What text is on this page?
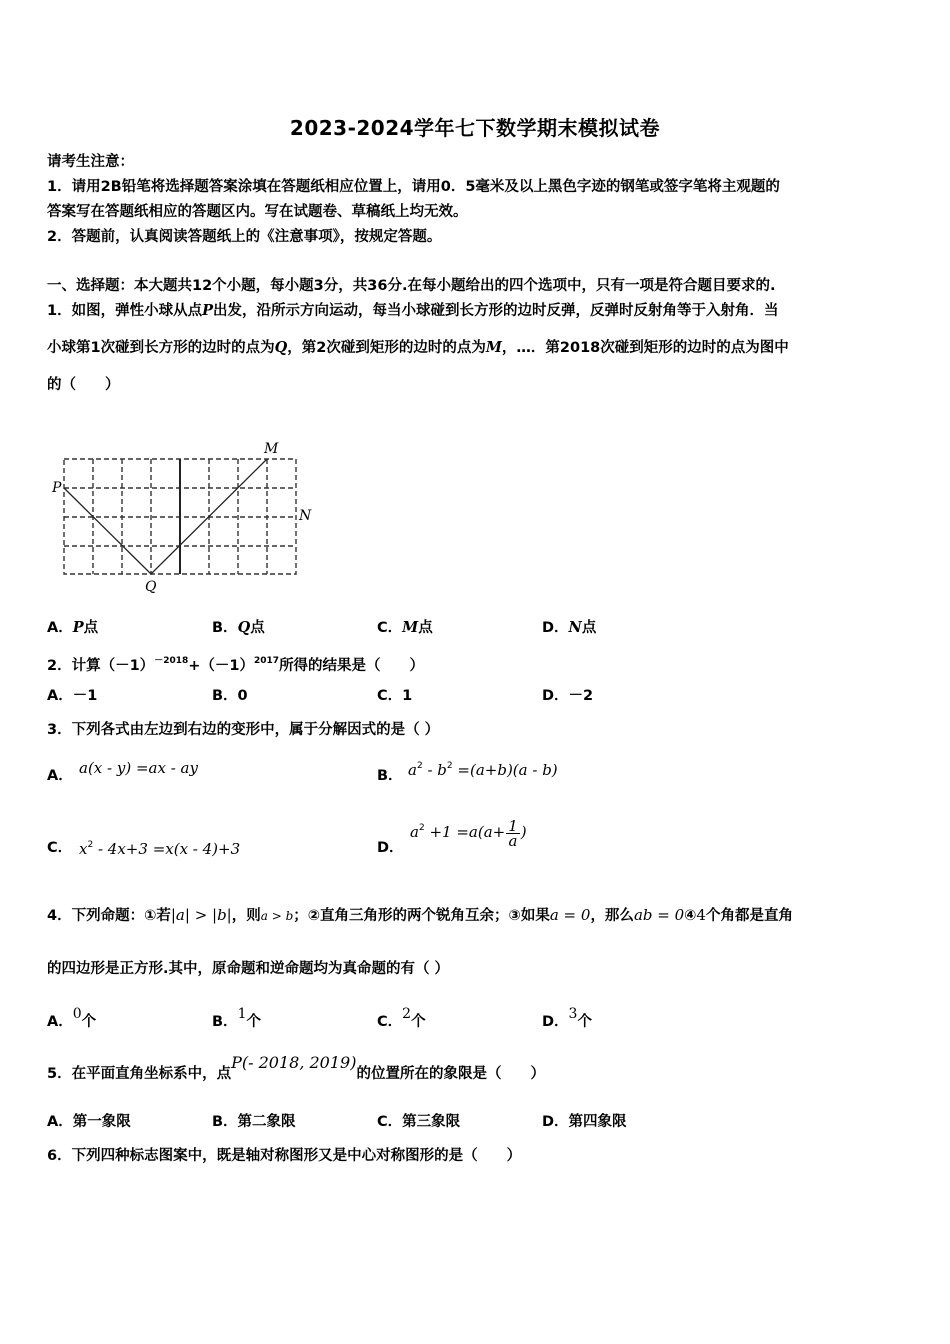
2023-2024学年七下数学期末模拟试卷
请考生注意：
1．请用2B铅笔将选择题答案涂填在答题纸相应位置上，请用0．5毫米及以上黑色字迹的钢笔或签字笔将主观题的
答案写在答题纸相应的答题区内。写在试题卷、草稿纸上均无效。
2．答题前，认真阅读答题纸上的《注意事项》，按规定答题。
一、选择题：本大题共12个小题，每小题3分，共36分.在每小题给出的四个选项中，只有一项是符合题目要求的.
1．如图，弹性小球从点P出发，沿所示方向运动，每当小球碰到长方形的边时反弹，反弹时反射角等于入射角．当
小球第1次碰到长方形的边时的点为Q，第2次碰到矩形的边时的点为M，…．第2018次碰到矩形的边时的点为图中
的（　　）
P
Q
M
N
A．P点	B．Q点	C．M点	D．N点
2．计算$(-1)^{-2018}+(-1)^{2017}$所得的结果是（　　）
A．－1	B．0	C．1	D．－2
3．下列各式由左边到右边的变形中，属于分解因式的是（ ）
A． a(x - y) =ax - ay	B． $a^2 - b^2 =(a+b)(a - b)$
C． $x^2 - 4x+3 =x(x - 4)+3$	D．
$a^2 +1 =a(a+ \frac{1}{a}$ )
4．下列命题：①若|a| > |b|，则a > b；②直角三角形的两个锐角互余；③如果a = 0，那么ab = 0④4个角都是直角
的四边形是正方形.其中，原命题和逆命题均为真命题的有（ ）
A．$^0$个	B．$^1$个	C．$^2$个	D．$^3$个
5．在平面直角坐标系中，点P(- 2018, 2019)的位置所在的象限是（　　）
A．第一象限	B．第二象限	C．第三象限	D．第四象限
6．下列四种标志图案中，既是轴对称图形又是中心对称图形的是（　　）
